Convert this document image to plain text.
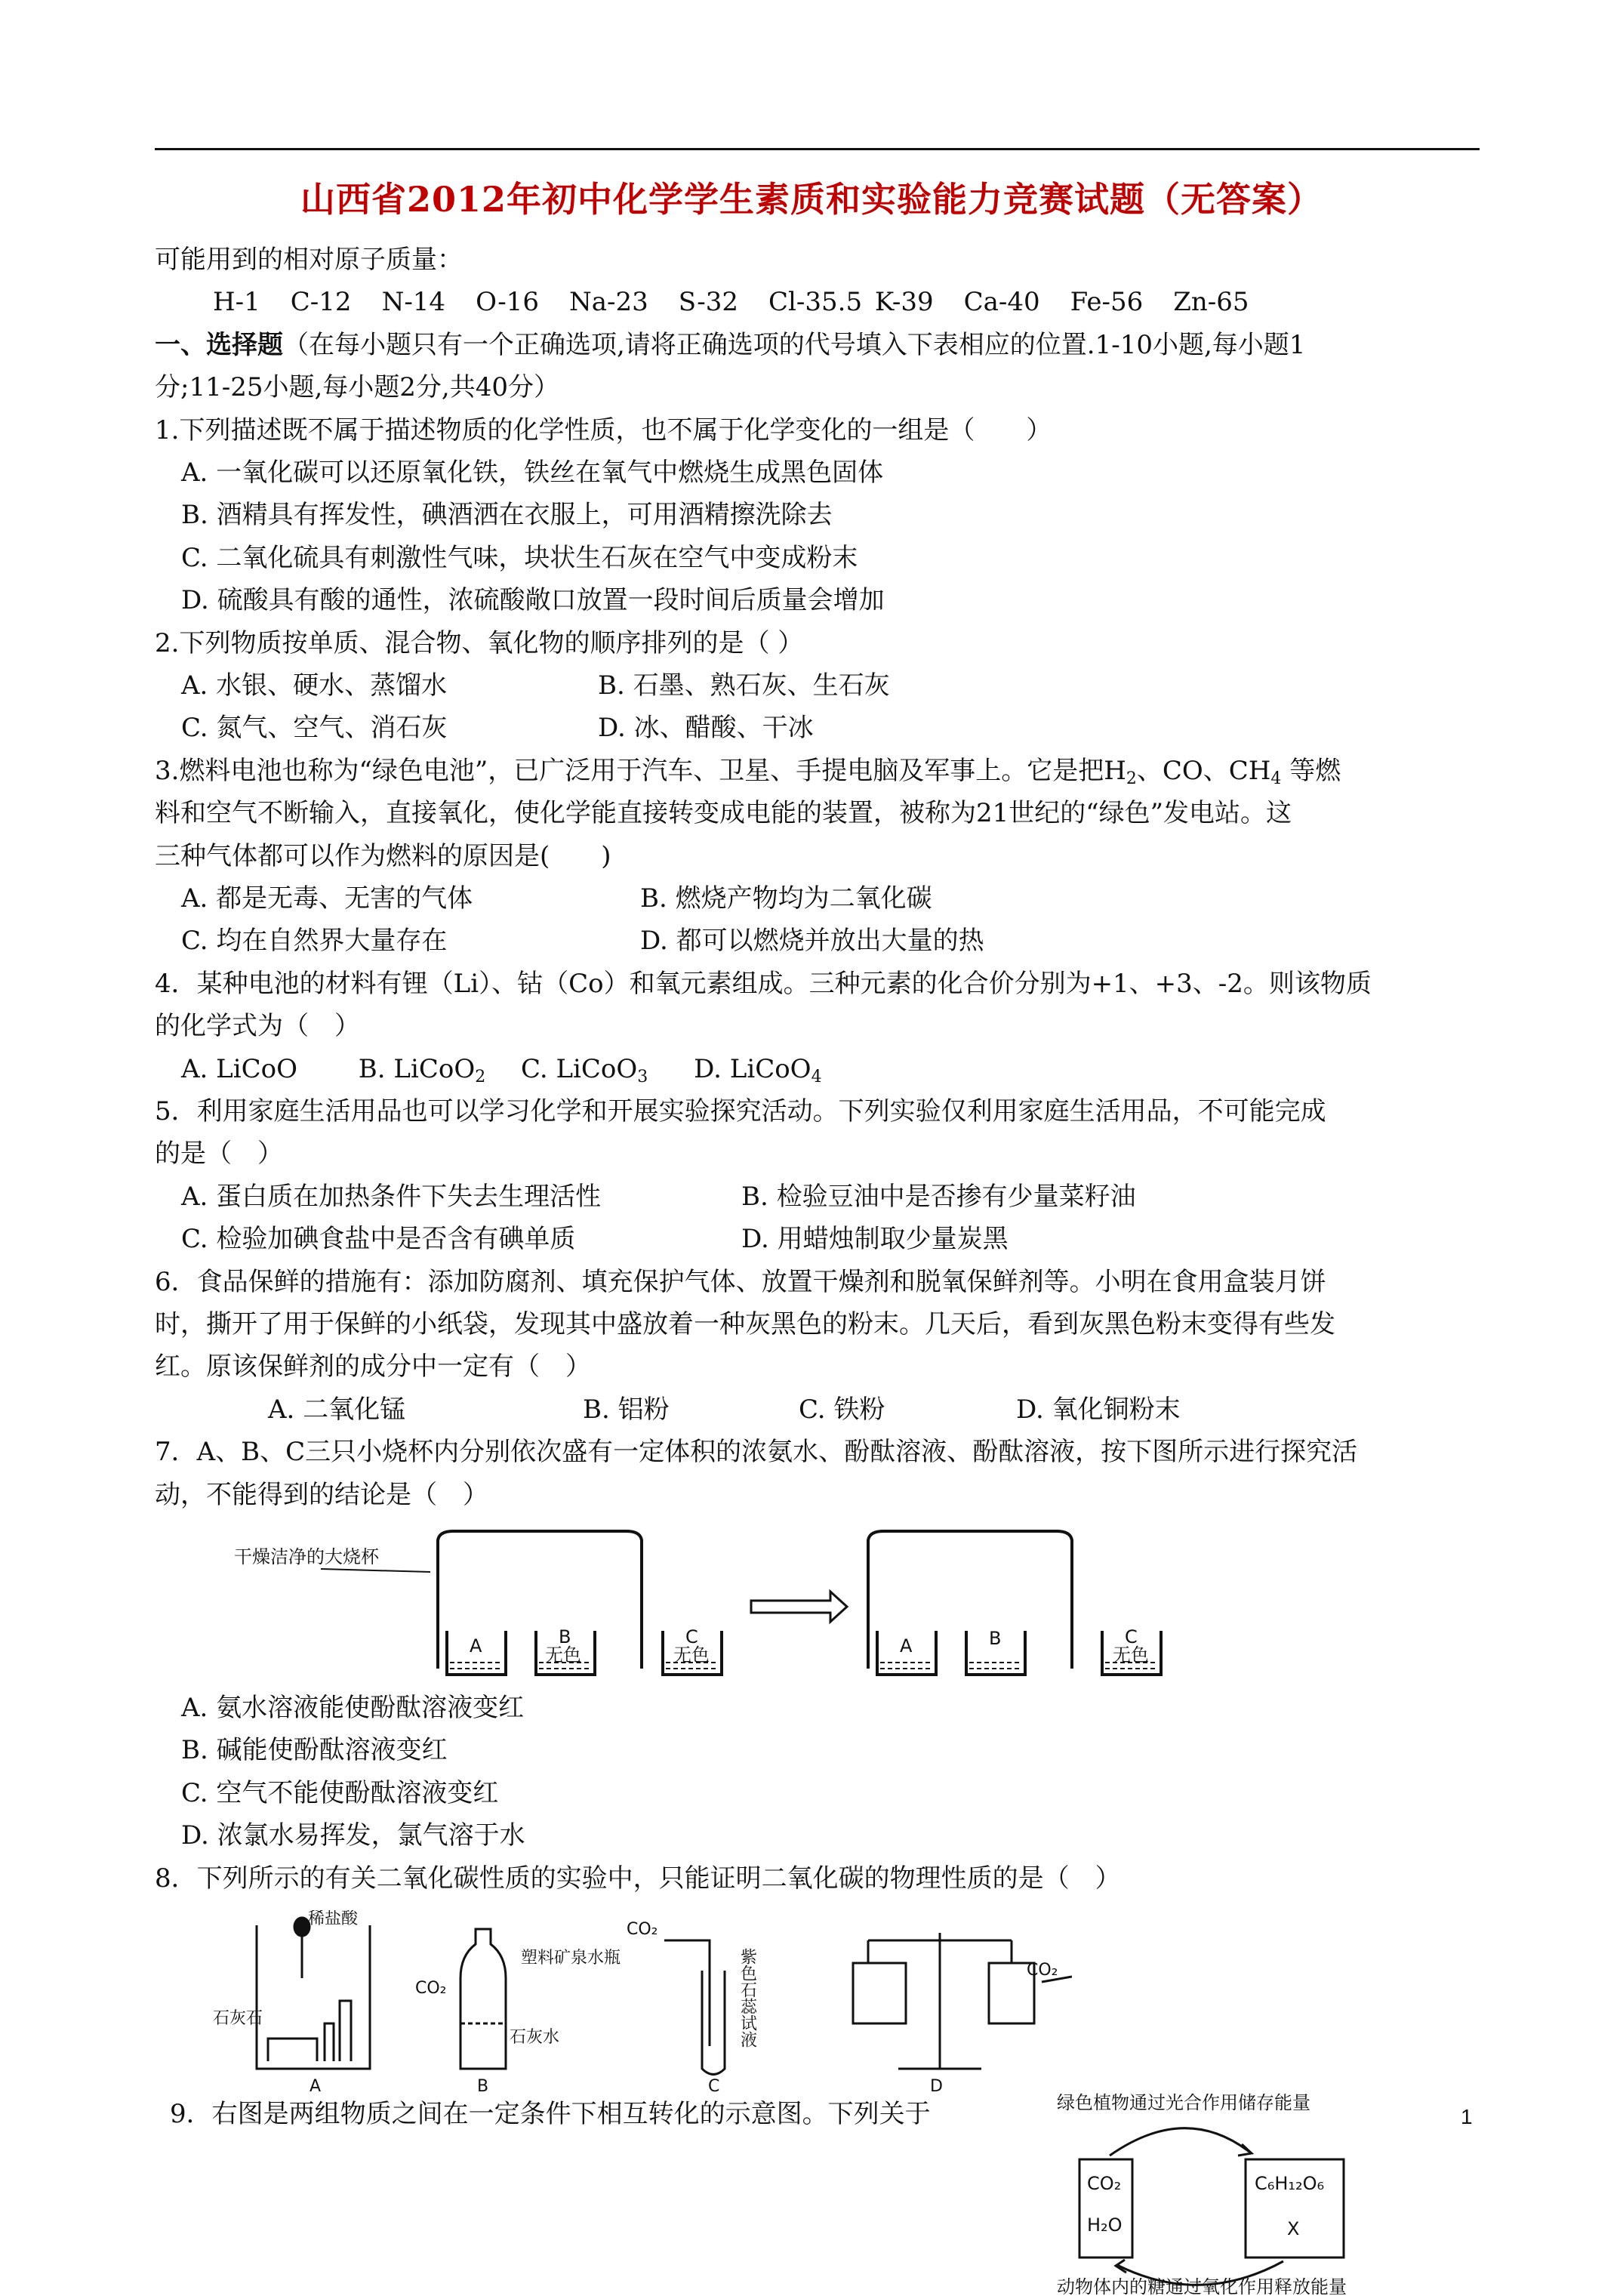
山西省2012年初中化学学生素质和实验能力竞赛试题（无答案）
可能用到的相对原子质量：
H-1 C-12 N-14 O-16 Na-23 S-32 Cl-35.5 K-39 Ca-40 Fe-56 Zn-65
一、选择题（在每小题只有一个正确选项,请将正确选项的代号填入下表相应的位置.1-10小题,每小题1
分;11-25小题,每小题2分,共40分）
1.下列描述既不属于描述物质的化学性质，也不属于化学变化的一组是（　　）
A. 一氧化碳可以还原氧化铁，铁丝在氧气中燃烧生成黑色固体
B. 酒精具有挥发性，碘酒洒在衣服上，可用酒精擦洗除去
C. 二氧化硫具有刺激性气味，块状生石灰在空气中变成粉末
D. 硫酸具有酸的通性，浓硫酸敞口放置一段时间后质量会增加
2.下列物质按单质、混合物、氧化物的顺序排列的是（ ）
A. 水银、硬水、蒸馏水	B. 石墨、熟石灰、生石灰
C. 氮气、空气、消石灰	D. 冰、醋酸、干冰
3.燃料电池也称为“绿色电池”，已广泛用于汽车、卫星、手提电脑及军事上。它是把$H_2$、CO、$CH_4$ 等燃
料和空气不断输入，直接氧化，使化学能直接转变成电能的装置，被称为21世纪的“绿色”发电站。这
三种气体都可以作为燃料的原因是(　　)
A. 都是无毒、无害的气体	B. 燃烧产物均为二氧化碳
C. 均在自然界大量存在	D. 都可以燃烧并放出大量的热
4．某种电池的材料有锂（Li）、钴（Co）和氧元素组成。三种元素的化合价分别为+1、+3、-2。则该物质
的化学式为（　）
A. LiCoO B. LiCoO$_2$ C. LiCoO$_3$ D. LiCoO$_4$
5．利用家庭生活用品也可以学习化学和开展实验探究活动。下列实验仅利用家庭生活用品，不可能完成
的是（　）
A. 蛋白质在加热条件下失去生理活性	B. 检验豆油中是否掺有少量菜籽油
C. 检验加碘食盐中是否含有碘单质	D. 用蜡烛制取少量炭黑
6．食品保鲜的措施有：添加防腐剂、填充保护气体、放置干燥剂和脱氧保鲜剂等。小明在食用盒装月饼
时，撕开了用于保鲜的小纸袋，发现其中盛放着一种灰黑色的粉末。几天后，看到灰黑色粉末变得有些发
红。原该保鲜剂的成分中一定有（　）
A. 二氧化锰	B. 铝粉	C. 铁粉	D. 氧化铜粉末
7．A、B、C三只小烧杯内分别依次盛有一定体积的浓氨水、酚酞溶液、酚酞溶液，按下图所示进行探究活
动，不能得到的结论是（　）
干燥洁净的大烧杯
A	B
无色
C
无色	A	B	C
无色
A. 氨水溶液能使酚酞溶液变红
B. 碱能使酚酞溶液变红
C. 空气不能使酚酞溶液变红
D. 浓氯水易挥发，氯气溶于水
8．下列所示的有关二氧化碳性质的实验中，只能证明二氧化碳的物理性质的是（　）
稀盐酸
石灰石
塑料矿泉水瓶
CO₂
石灰水
CO₂
CO₂
A	B	C	D
紫色石蕊试液
9．右图是两组物质之间在一定条件下相互转化的示意图。下列关于	绿色植物通过光合作用储存能量
CO₂
H₂O
C₆H₁₂O₆
X
动物体内的糖通过氧化作用释放能量
1
